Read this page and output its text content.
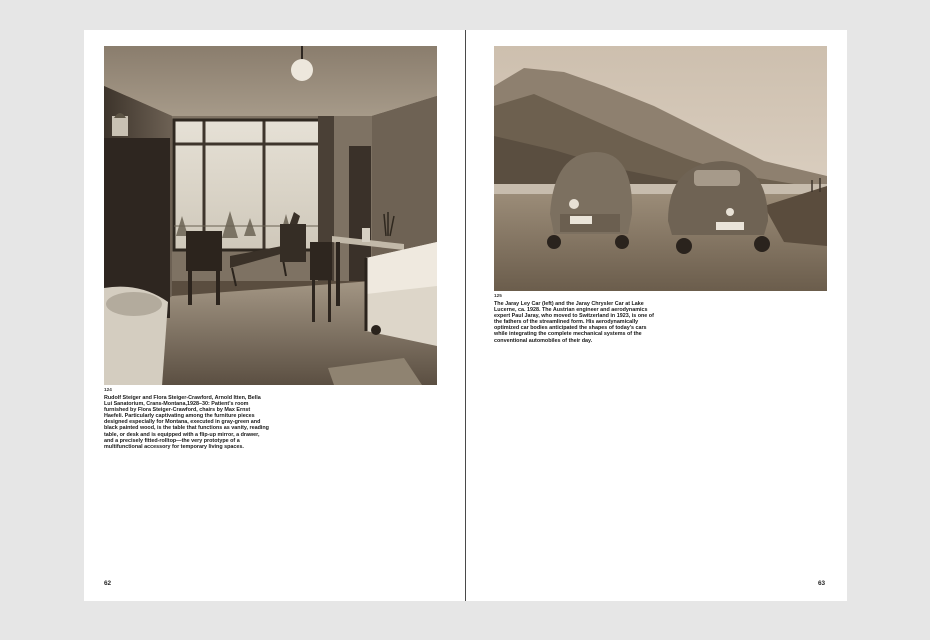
124
Rudolf Steiger and Flora Steiger-Crawford, Arnold Itten, Bella Lui Sanatorium, Crans-Montana,1928–30: Patient's room furnished by Flora Steiger-Crawford, chairs by Max Ernst Haefeli. Particularly captivating among the furniture pieces designed especially for Montana, executed in gray-green and black painted wood, is the table that functions as vanity, reading table, or desk and is equipped with a flip-up mirror, a drawer, and a precisely fitted-rolltop—the very prototype of a multifunctional accessory for temporary living spaces.
62
125
The Jaray Ley Car (left) and the Jaray Chrysler Car at Lake Lucerne, ca. 1928. The Austrian engineer and aerodynamics expert Paul Jaray, who moved to Switzerland in 1923, is one of the fathers of the streamlined form. His aerodynamically optimized car bodies anticipated the shapes of today's cars while integrating the complete mechanical systems of the conventional automobiles of their day.
63
